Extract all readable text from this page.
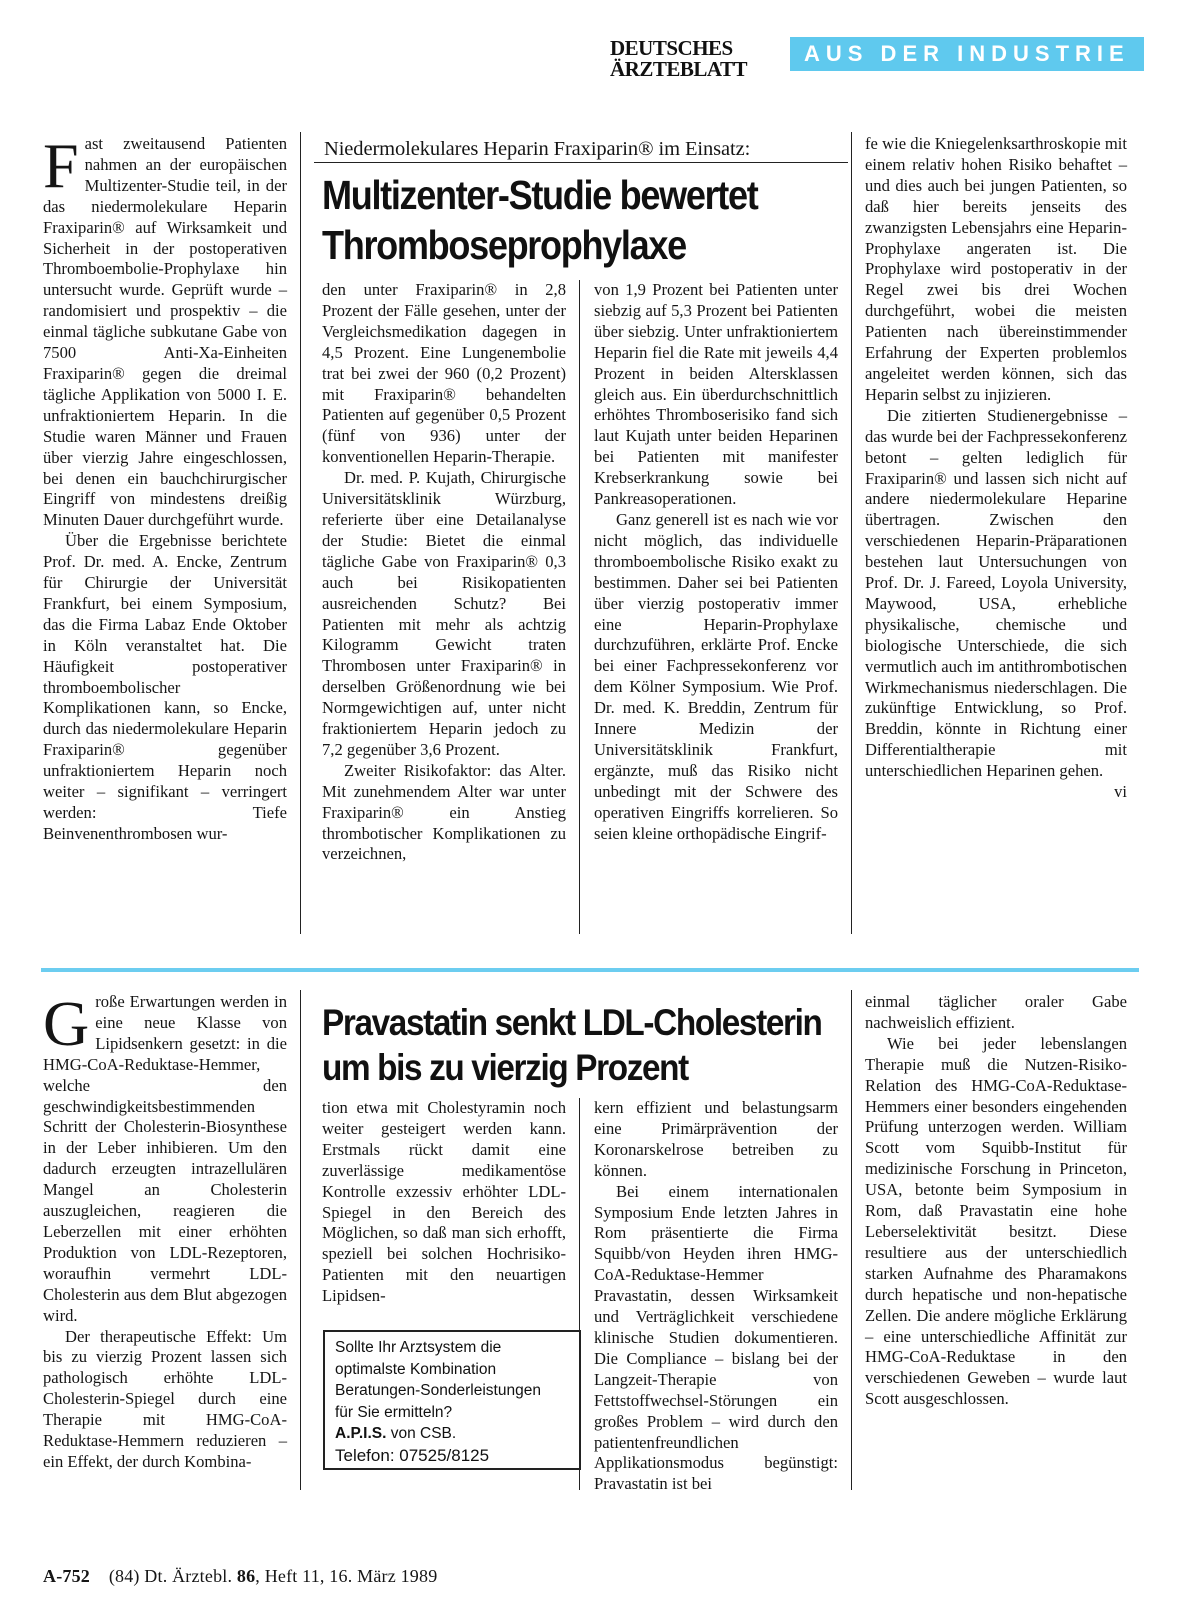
DEUTSCHES
ÄRZTEBLATT
AUS DER INDUSTRIE
F ast zweitausend Patienten nahmen an der europäischen Multizenter-Studie teil, in der das niedermolekulare Heparin Fraxiparin® auf Wirksamkeit und Sicherheit in der postoperativen Thromboembolie-Prophylaxe hin untersucht wurde. Geprüft wurde – randomisiert und prospektiv – die einmal tägliche subkutane Gabe von 7500 Anti-Xa-Einheiten Fraxiparin® gegen die dreimal tägliche Applikation von 5000 I. E. unfraktioniertem Heparin. In die Studie waren Männer und Frauen über vierzig Jahre eingeschlossen, bei denen ein bauchchirurgischer Eingriff von mindestens dreißig Minuten Dauer durchgeführt wurde.

Über die Ergebnisse berichtete Prof. Dr. med. A. Encke, Zentrum für Chirurgie der Universität Frankfurt, bei einem Symposium, das die Firma Labaz Ende Oktober in Köln veranstaltet hat. Die Häufigkeit postoperativer thromboembolischer Komplikationen kann, so Encke, durch das niedermolekulare Heparin Fraxiparin® gegenüber unfraktioniertem Heparin noch weiter – signifikant – verringert werden: Tiefe Beinvenenthrombosen wur-

Niedermolekulares Heparin Fraxiparin® im Einsatz:
Multizenter-Studie bewertet
Thromboseprophylaxe

den unter Fraxiparin® in 2,8 Prozent der Fälle gesehen, unter der Vergleichsmedikation dagegen in 4,5 Prozent. Eine Lungenembolie trat bei zwei der 960 (0,2 Prozent) mit Fraxiparin® behandelten Patienten auf gegenüber 0,5 Prozent (fünf von 936) unter der konventionellen Heparin-Therapie.

Dr. med. P. Kujath, Chirurgische Universitätsklinik Würzburg, referierte über eine Detailanalyse der Studie: Bietet die einmal tägliche Gabe von Fraxiparin® 0,3 auch bei Risikopatienten ausreichenden Schutz? Bei Patienten mit mehr als achtzig Kilogramm Gewicht traten Thrombosen unter Fraxiparin® in derselben Größenordnung wie bei Normgewichtigen auf, unter nicht fraktioniertem Heparin jedoch zu 7,2 gegenüber 3,6 Prozent.

Zweiter Risikofaktor: das Alter. Mit zunehmendem Alter war unter Fraxiparin® ein Anstieg thrombotischer Komplikationen zu verzeichnen,

von 1,9 Prozent bei Patienten unter siebzig auf 5,3 Prozent bei Patienten über siebzig. Unter unfraktioniertem Heparin fiel die Rate mit jeweils 4,4 Prozent in beiden Altersklassen gleich aus. Ein überdurchschnittlich erhöhtes Thromboserisiko fand sich laut Kujath unter beiden Heparinen bei Patienten mit manifester Krebserkrankung sowie bei Pankreasoperationen.

Ganz generell ist es nach wie vor nicht möglich, das individuelle thromboembolische Risiko exakt zu bestimmen. Daher sei bei Patienten über vierzig postoperativ immer eine Heparin-Prophylaxe durchzuführen, erklärte Prof. Encke bei einer Fachpressekonferenz vor dem Kölner Symposium. Wie Prof. Dr. med. K. Breddin, Zentrum für Innere Medizin der Universitätsklinik Frankfurt, ergänzte, muß das Risiko nicht unbedingt mit der Schwere des operativen Eingriffs korrelieren. So seien kleine orthopädische Eingrif-

fe wie die Kniegelenksarthroskopie mit einem relativ hohen Risiko behaftet – und dies auch bei jungen Patienten, so daß hier bereits jenseits des zwanzigsten Lebensjahrs eine Heparin-Prophylaxe angeraten ist. Die Prophylaxe wird postoperativ in der Regel zwei bis drei Wochen durchgeführt, wobei die meisten Patienten nach übereinstimmender Erfahrung der Experten problemlos angeleitet werden können, sich das Heparin selbst zu injizieren.

Die zitierten Studienergebnisse – das wurde bei der Fachpressekonferenz betont – gelten lediglich für Fraxiparin® und lassen sich nicht auf andere niedermolekulare Heparine übertragen. Zwischen den verschiedenen Heparin-Präparationen bestehen laut Untersuchungen von Prof. Dr. J. Fareed, Loyola University, Maywood, USA, erhebliche physikalische, chemische und biologische Unterschiede, die sich vermutlich auch im antithrombotischen Wirkmechanismus niederschlagen. Die zukünftige Entwicklung, so Prof. Breddin, könnte in Richtung einer Differentialtherapie mit unterschiedlichen Heparinen gehen.

vi
G roße Erwartungen werden in eine neue Klasse von Lipidsenkern gesetzt: in die HMG-CoA-Reduktase-Hemmer, welche den geschwindigkeitsbestimmenden Schritt der Cholesterin-Biosynthese in der Leber inhibieren. Um den dadurch erzeugten intrazellulären Mangel an Cholesterin auszugleichen, reagieren die Leberzellen mit einer erhöhten Produktion von LDL-Rezeptoren, woraufhin vermehrt LDL-Cholesterin aus dem Blut abgezogen wird.

Der therapeutische Effekt: Um bis zu vierzig Prozent lassen sich pathologisch erhöhte LDL-Cholesterin-Spiegel durch eine Therapie mit HMG-CoA-Reduktase-Hemmern reduzieren – ein Effekt, der durch Kombina-

Pravastatin senkt LDL-Cholesterin
um bis zu vierzig Prozent

tion etwa mit Cholestyramin noch weiter gesteigert werden kann. Erstmals rückt damit eine zuverlässige medikamentöse Kontrolle exzessiv erhöhter LDL-Spiegel in den Bereich des Möglichen, so daß man sich erhofft, speziell bei solchen Hochrisiko-Patienten mit den neuartigen Lipidsen-

Sollte Ihr Arztsystem die
optimalste Kombination
Beratungen-Sonderleistungen
für Sie ermitteln?
A.P.I.S. von CSB.
Telefon: 07525/8125

kern effizient und belastungsarm eine Primärprävention der Koronarskelrose betreiben zu können.

Bei einem internationalen Symposium Ende letzten Jahres in Rom präsentierte die Firma Squibb/von Heyden ihren HMG-CoA-Reduktase-Hemmer Pravastatin, dessen Wirksamkeit und Verträglichkeit verschiedene klinische Studien dokumentieren. Die Compliance – bislang bei der Langzeit-Therapie von Fettstoffwechsel-Störungen ein großes Problem – wird durch den patientenfreundlichen Applikationsmodus begünstigt: Pravastatin ist bei

einmal täglicher oraler Gabe nachweislich effizient.

Wie bei jeder lebenslangen Therapie muß die Nutzen-Risiko-Relation des HMG-CoA-Reduktase-Hemmers einer besonders eingehenden Prüfung unterzogen werden. William Scott vom Squibb-Institut für medizinische Forschung in Princeton, USA, betonte beim Symposium in Rom, daß Pravastatin eine hohe Leberselektivität besitzt. Diese resultiere aus der unterschiedlich starken Aufnahme des Pharamakons durch hepatische und non-hepatische Zellen. Die andere mögliche Erklärung – eine unterschiedliche Affinität zur HMG-CoA-Reduktase in den verschiedenen Geweben – wurde laut Scott ausgeschlossen.

A-752 (84) Dt. Ärztebl. 86, Heft 11, 16. März 1989
